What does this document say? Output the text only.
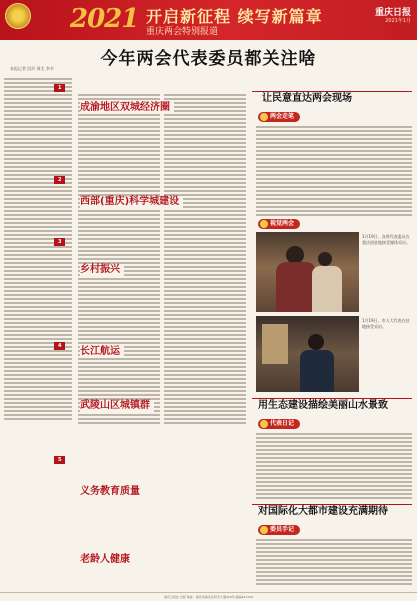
2021 开启新征程 续写新篇章
重庆两会特别报道
重庆日报
2021年1月
今年两会代表委员都关注啥
本报记者 段玲 周尤 李幸
成渝地区双城经济圈
西部(重庆)科学城建设
乡村振兴
长江航运
武陵山区城镇群
义务教育质量
老龄人健康
1
2
3
4
5
让民意直达两会现场
两会走笔
视觉两会
1月19日，各界代表委员在重庆团驻地接受媒体采访。
1月19日，市人大代表在驻地接受采访。
用生态建设描绘美丽山水景致
代表日记
对国际化大都市建设充满期待
委员手记
重庆日报社 出版 地址：重庆市渝北区同茂大道416号 邮编401120
